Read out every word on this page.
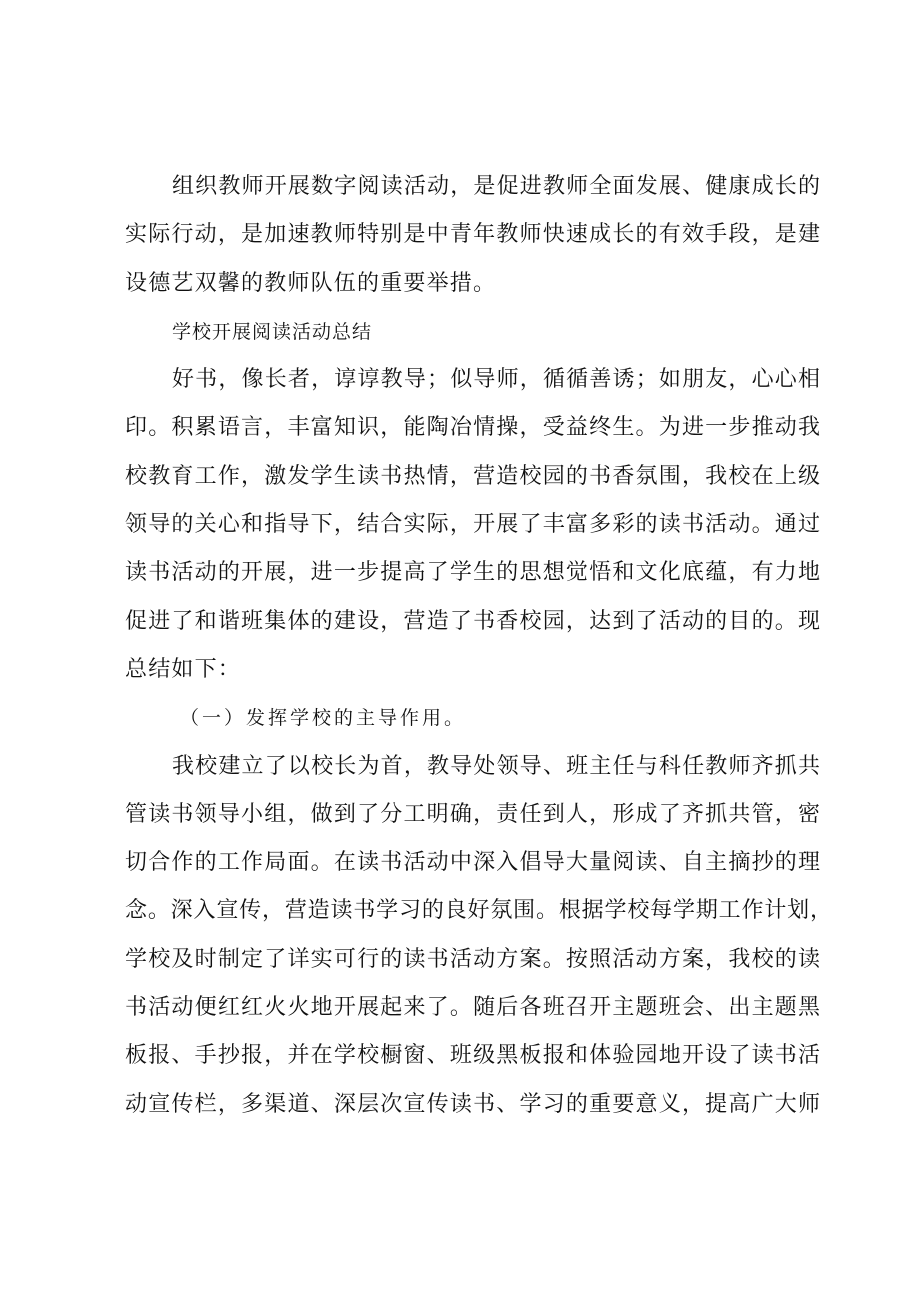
组织教师开展数字阅读活动，是促进教师全面发展、健康成长的
实际行动，是加速教师特别是中青年教师快速成长的有效手段，是建
设德艺双馨的教师队伍的重要举措。
学校开展阅读活动总结
好书，像长者，谆谆教导；似导师，循循善诱；如朋友，心心相
印。积累语言，丰富知识，能陶冶情操，受益终生。为进一步推动我
校教育工作，激发学生读书热情，营造校园的书香氛围，我校在上级
领导的关心和指导下，结合实际，开展了丰富多彩的读书活动。通过
读书活动的开展，进一步提高了学生的思想觉悟和文化底蕴，有力地
促进了和谐班集体的建设，营造了书香校园，达到了活动的目的。现
总结如下：
（一）发挥学校的主导作用。
我校建立了以校长为首，教导处领导、班主任与科任教师齐抓共
管读书领导小组，做到了分工明确，责任到人，形成了齐抓共管，密
切合作的工作局面。在读书活动中深入倡导大量阅读、自主摘抄的理
念。深入宣传，营造读书学习的良好氛围。根据学校每学期工作计划，
学校及时制定了详实可行的读书活动方案。按照活动方案，我校的读
书活动便红红火火地开展起来了。随后各班召开主题班会、出主题黑
板报、手抄报，并在学校橱窗、班级黑板报和体验园地开设了读书活
动宣传栏，多渠道、深层次宣传读书、学习的重要意义，提高广大师
